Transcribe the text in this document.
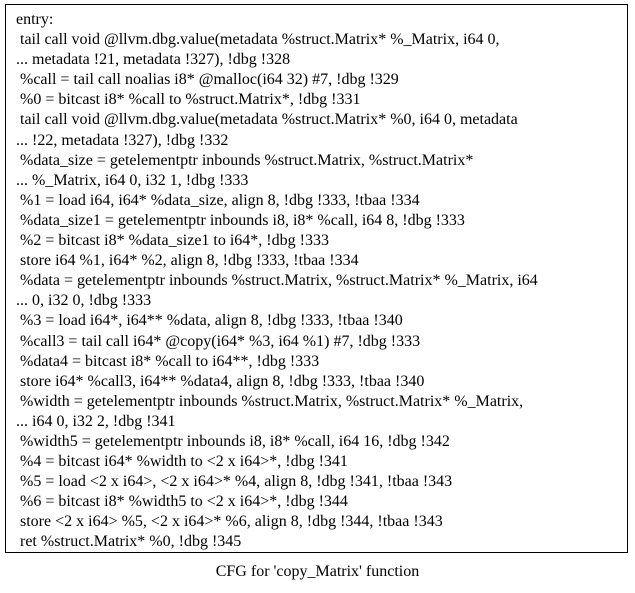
entry:
tail call void @llvm.dbg.value(metadata %struct.Matrix* %_Matrix, i64 0,
... metadata !21, metadata !327), !dbg !328
%call = tail call noalias i8* @malloc(i64 32) #7, !dbg !329
%0 = bitcast i8* %call to %struct.Matrix*, !dbg !331
tail call void @llvm.dbg.value(metadata %struct.Matrix* %0, i64 0, metadata
... !22, metadata !327), !dbg !332
%data_size = getelementptr inbounds %struct.Matrix, %struct.Matrix*
... %_Matrix, i64 0, i32 1, !dbg !333
%1 = load i64, i64* %data_size, align 8, !dbg !333, !tbaa !334
%data_size1 = getelementptr inbounds i8, i8* %call, i64 8, !dbg !333
%2 = bitcast i8* %data_size1 to i64*, !dbg !333
store i64 %1, i64* %2, align 8, !dbg !333, !tbaa !334
%data = getelementptr inbounds %struct.Matrix, %struct.Matrix* %_Matrix, i64
... 0, i32 0, !dbg !333
%3 = load i64*, i64** %data, align 8, !dbg !333, !tbaa !340
%call3 = tail call i64* @copy(i64* %3, i64 %1) #7, !dbg !333
%data4 = bitcast i8* %call to i64**, !dbg !333
store i64* %call3, i64** %data4, align 8, !dbg !333, !tbaa !340
%width = getelementptr inbounds %struct.Matrix, %struct.Matrix* %_Matrix,
... i64 0, i32 2, !dbg !341
%width5 = getelementptr inbounds i8, i8* %call, i64 16, !dbg !342
%4 = bitcast i64* %width to <2 x i64>*, !dbg !341
%5 = load <2 x i64>, <2 x i64>* %4, align 8, !dbg !341, !tbaa !343
%6 = bitcast i8* %width5 to <2 x i64>*, !dbg !344
store <2 x i64> %5, <2 x i64>* %6, align 8, !dbg !344, !tbaa !343
ret %struct.Matrix* %0, !dbg !345
CFG for 'copy_Matrix' function
